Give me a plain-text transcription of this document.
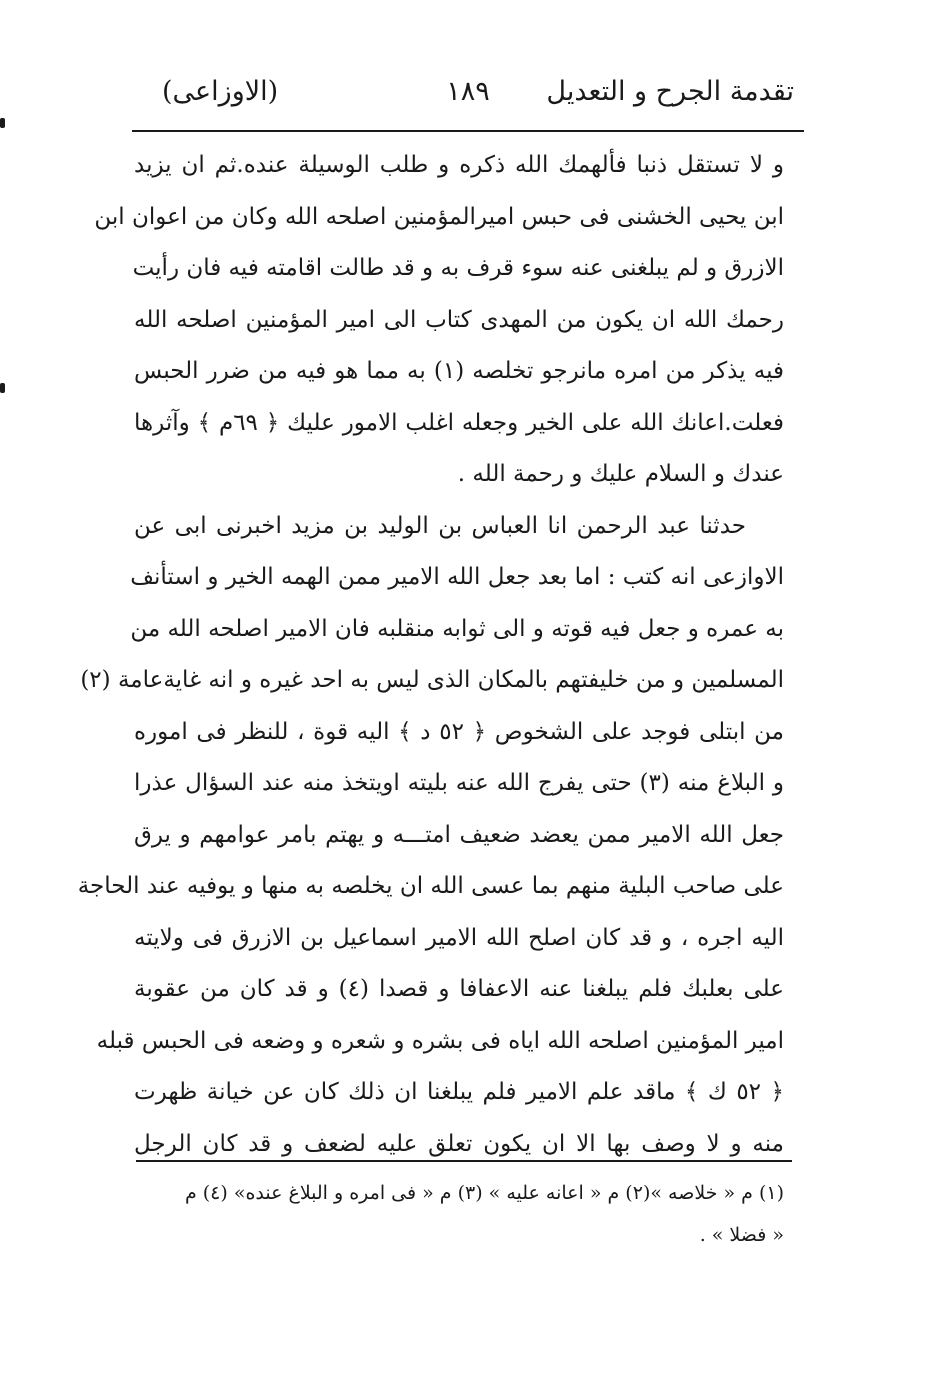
تقدمة الجرح و التعديل
١٨٩
(الاوزاعى)
و لا تستقل ذنبا فألهمك الله ذكره و طلب الوسيلة عنده.ثم ان يزيد
ابن يحيى الخشنى فى حبس اميرالمؤمنين اصلحه الله وكان من اعوان ابن
الازرق و لم يبلغنى عنه سوء قرف به و قد طالت اقامته فيه فان رأيت
رحمك الله ان يكون من المهدى كتاب الى امير المؤمنين اصلحه الله
فيه يذكر من امره مانرجو تخلصه (١) به مما هو فيه من ضرر الحبس
فعلت.اعانك الله على الخير وجعله اغلب الامور عليك ﴿ ٦٩م ﴾ وآثرها
عندك و السلام عليك و رحمة الله .
حدثنا عبد الرحمن انا العباس بن الوليد بن مزيد اخبرنى ابى عن
الاوازعى انه كتب : اما بعد جعل الله الامير ممن الهمه الخير و استأنف
به عمره و جعل فيه قوته و الى ثوابه منقلبه فان الامير اصلحه الله من
المسلمين و من خليفتهم بالمكان الذى ليس به احد غيره و انه غايةعامة (٢)
من ابتلى فوجد على الشخوص ﴿ ٥٢ د ﴾ اليه قوة ، للنظر فى اموره
و البلاغ منه (٣) حتى يفرج الله عنه بليته اويتخذ منه عند السؤال عذرا
جعل الله الامير ممن يعضد ضعيف امتـــه و يهتم بامر عوامهم و يرق
على صاحب البلية منهم بما عسى الله ان يخلصه به منها و يوفيه عند الحاجة
اليه اجره ، و قد كان اصلح الله الامير اسماعيل بن الازرق فى ولايته
على بعلبك فلم يبلغنا عنه الاعفافا و قصدا (٤) و قد كان من عقوبة
امير المؤمنين اصلحه الله اياه فى بشره و شعره و وضعه فى الحبس قبله
﴿ ٥٢ ك ﴾ ماقد علم الامير فلم يبلغنا ان ذلك كان عن خيانة ظهرت
منه و لا وصف بها الا ان يكون تعلق عليه لضعف و قد كان الرجل
(١) م « خلاصه »(٢) م « اعانه عليه » (٣) م « فى امره و البلاغ عنده» (٤) م
« فضلا » .
